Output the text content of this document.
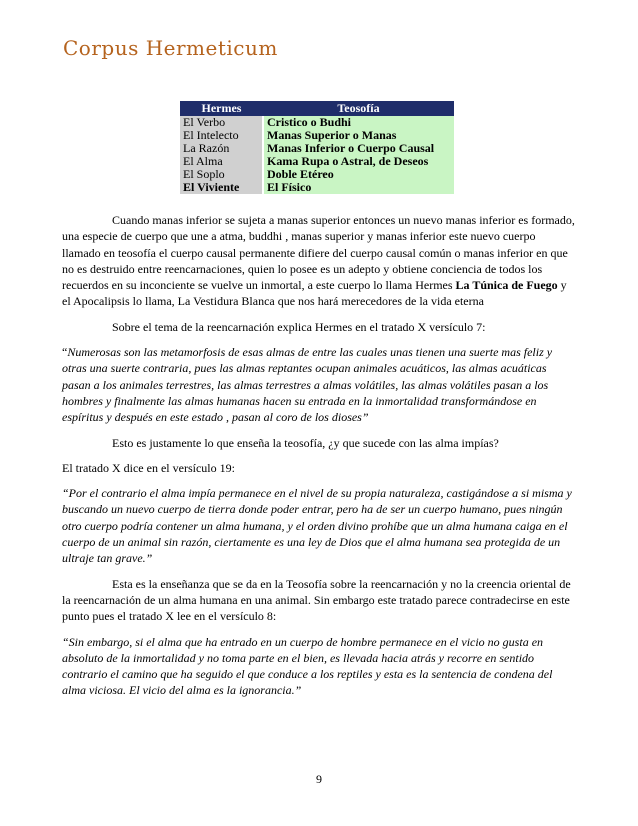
Corpus Hermeticum
Hermes	Teosofía
El Verbo	Cristico o Budhi
El Intelecto	Manas Superior o Manas
La Razón	Manas Inferior o Cuerpo Causal
El Alma	Kama Rupa o Astral, de Deseos
El Soplo	Doble Etéreo
El Viviente	El Físico

Cuando manas inferior se sujeta a manas superior entonces un nuevo manas inferior es formado, una especie de cuerpo que une a atma, buddhi , manas superior y manas inferior este nuevo cuerpo llamado en teosofía el cuerpo causal permanente difiere del cuerpo causal común o manas inferior en que no es destruido entre reencarnaciones, quien lo posee es un adepto y obtiene conciencia de todos los recuerdos en su inconciente se vuelve un inmortal, a este cuerpo lo llama Hermes La Túnica de Fuego y el Apocalipsis lo llama, La Vestidura Blanca que nos hará merecedores de la vida eterna

Sobre el tema de la reencarnación explica Hermes en el tratado X versículo 7:

“Numerosas son las metamorfosis de esas almas de entre las cuales unas tienen una suerte mas feliz y otras una suerte contraria, pues las almas reptantes ocupan animales acuáticos, las almas acuáticas pasan a los animales terrestres, las almas terrestres a almas volátiles, las almas volátiles pasan a los hombres y finalmente las almas humanas hacen su entrada en la inmortalidad transformándose en espíritus y después en este estado , pasan al coro de los dioses”

Esto es justamente lo que enseña la teosofía, ¿y que sucede con las alma impías?

El tratado X dice en el versículo 19:

“Por el contrario el alma impía permanece en el nivel de su propia naturaleza, castigándose a si misma y buscando un nuevo cuerpo de tierra donde poder entrar, pero ha de ser un cuerpo humano, pues ningún otro cuerpo podría contener un alma humana, y el orden divino prohíbe que un alma humana caiga en el cuerpo de un animal sin razón, ciertamente es una ley de Dios que el alma humana sea protegida de un ultraje tan grave.”

Esta es la enseñanza que se da en la Teosofía sobre la reencarnación y no la creencia oriental de la reencarnación de un alma humana en una animal. Sin embargo este tratado parece contradecirse en este punto pues el tratado X lee en el versículo 8:

“Sin embargo, si el alma que ha entrado en un cuerpo de hombre permanece en el vicio no gusta en absoluto de la inmortalidad y no toma parte en el bien, es llevada hacia atrás y recorre en sentido contrario el camino que ha seguido el que conduce a los reptiles y esta es la sentencia de condena del alma viciosa. El vicio del alma es la ignorancia.”

9
